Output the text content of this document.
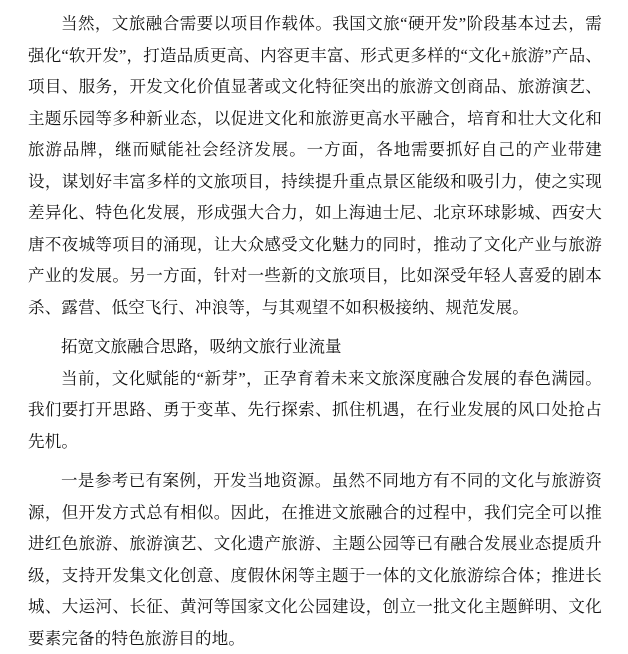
当然，文旅融合需要以项目作载体。我国文旅“硬开发”阶段基本过去，需强化“软开发”，打造品质更高、内容更丰富、形式更多样的“文化+旅游”产品、项目、服务，开发文化价值显著或文化特征突出的旅游文创商品、旅游演艺、主题乐园等多种新业态，以促进文化和旅游更高水平融合，培育和壮大文化和旅游品牌，继而赋能社会经济发展。一方面，各地需要抓好自己的产业带建设，谋划好丰富多样的文旅项目，持续提升重点景区能级和吸引力，使之实现差异化、特色化发展，形成强大合力，如上海迪士尼、北京环球影城、西安大唐不夜城等项目的涌现，让大众感受文化魅力的同时，推动了文化产业与旅游产业的发展。另一方面，针对一些新的文旅项目，比如深受年轻人喜爱的剧本杀、露营、低空飞行、冲浪等，与其观望不如积极接纳、规范发展。

拓宽文旅融合思路，吸纳文旅行业流量

当前，文化赋能的“新芽”，正孕育着未来文旅深度融合发展的春色满园。我们要打开思路、勇于变革、先行探索、抓住机遇，在行业发展的风口处抢占先机。

一是参考已有案例，开发当地资源。虽然不同地方有不同的文化与旅游资源，但开发方式总有相似。因此，在推进文旅融合的过程中，我们完全可以推进红色旅游、旅游演艺、文化遗产旅游、主题公园等已有融合发展业态提质升级，支持开发集文化创意、度假休闲等主题于一体的文化旅游综合体；推进长城、大运河、长征、黄河等国家文化公园建设，创立一批文化主题鲜明、文化要素完备的特色旅游目的地。
